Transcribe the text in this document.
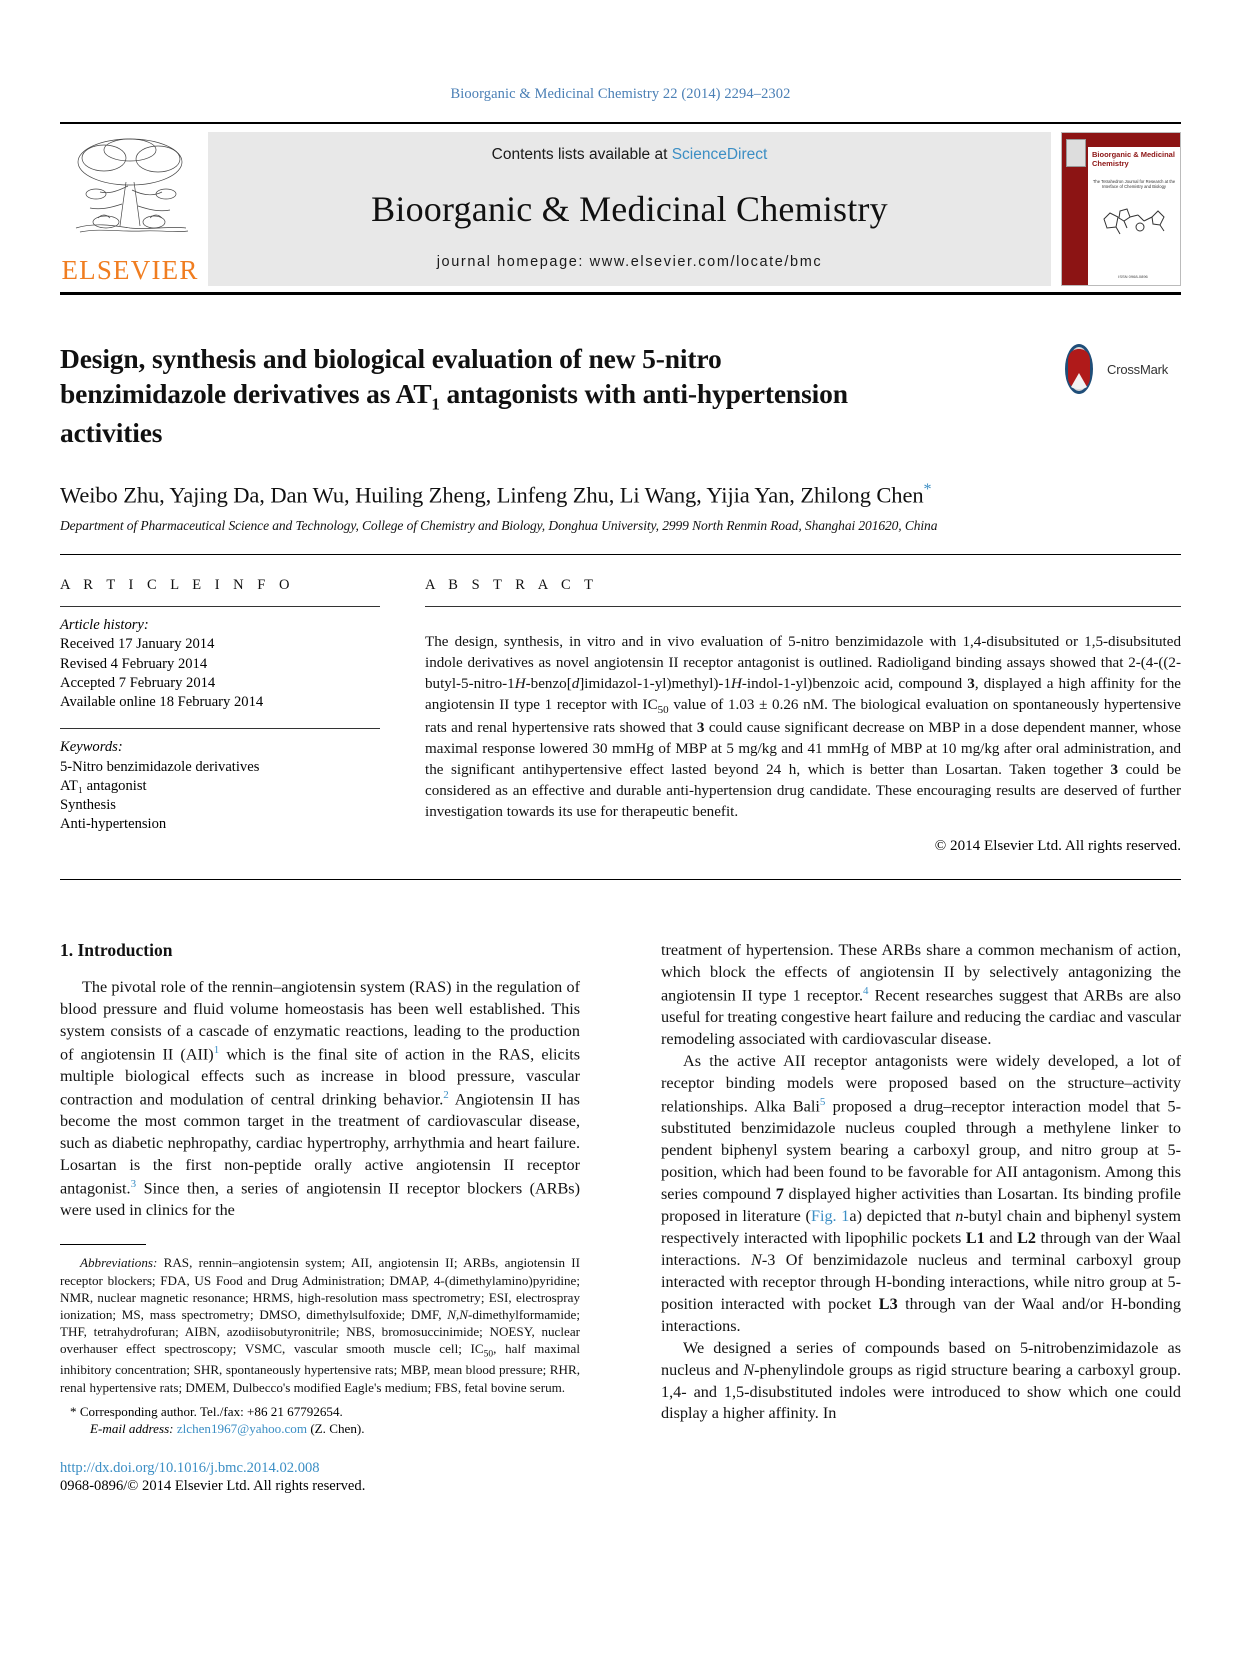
Bioorganic & Medicinal Chemistry 22 (2014) 2294–2302
ELSEVIER
Contents lists available at ScienceDirect
Bioorganic & Medicinal Chemistry
journal homepage: www.elsevier.com/locate/bmc
Bioorganic & Medicinal Chemistry
The Tetrahedron Journal for Research at the Interface of Chemistry and Biology
ISSN 0968-0896
CrossMark
Design, synthesis and biological evaluation of new 5-nitro
benzimidazole derivatives as $AT_1$ antagonists with anti-hypertension
activities
Weibo Zhu, Yajing Da, Dan Wu, Huiling Zheng, Linfeng Zhu, Li Wang, Yijia Yan, Zhilong Chen*
Department of Pharmaceutical Science and Technology, College of Chemistry and Biology, Donghua University, 2999 North Renmin Road, Shanghai 201620, China
A R T I C L E I N F O
Article history:
Received 17 January 2014
Revised 4 February 2014
Accepted 7 February 2014
Available online 18 February 2014
Keywords:
5-Nitro benzimidazole derivatives
AT₁ antagonist
Synthesis
Anti-hypertension
A B S T R A C T

The design, synthesis, in vitro and in vivo evaluation of 5-nitro benzimidazole with 1,4-disubsituted or 1,5-disubsituted indole derivatives as novel angiotensin II receptor antagonist is outlined. Radioligand binding assays showed that 2-(4-((2-butyl-5-nitro-1H-benzo[d]imidazol-1-yl)methyl)-1H-indol-1-yl)benzoic acid, compound 3, displayed a high affinity for the angiotensin II type 1 receptor with $IC_{50}$ value of 1.03 ± 0.26 nM. The biological evaluation on spontaneously hypertensive rats and renal hypertensive rats showed that 3 could cause significant decrease on MBP in a dose dependent manner, whose maximal response lowered 30 mmHg of MBP at 5 mg/kg and 41 mmHg of MBP at 10 mg/kg after oral administration, and the significant antihypertensive effect lasted beyond 24 h, which is better than Losartan. Taken together 3 could be considered as an effective and durable anti-hypertension drug candidate. These encouraging results are deserved of further investigation towards its use for therapeutic benefit.

© 2014 Elsevier Ltd. All rights reserved.
1. Introduction

The pivotal role of the rennin–angiotensin system (RAS) in the regulation of blood pressure and fluid volume homeostasis has been well established. This system consists of a cascade of enzymatic reactions, leading to the production of angiotensin II (AII)$^1$ which is the final site of action in the RAS, elicits multiple biological effects such as increase in blood pressure, vascular contraction and modulation of central drinking behavior.$^2$ Angiotensin II has become the most common target in the treatment of cardiovascular disease, such as diabetic nephropathy, cardiac hypertrophy, arrhythmia and heart failure. Losartan is the first non-peptide orally active angiotensin II receptor antagonist.$^3$ Since then, a series of angiotensin II receptor blockers (ARBs) were used in clinics for the

Abbreviations: RAS, rennin–angiotensin system; AII, angiotensin II; ARBs, angiotensin II receptor blockers; FDA, US Food and Drug Administration; DMAP, 4-(dimethylamino)pyridine; NMR, nuclear magnetic resonance; HRMS, high-resolution mass spectrometry; ESI, electrospray ionization; MS, mass spectrometry; DMSO, dimethylsulfoxide; DMF, N,N-dimethylformamide; THF, tetrahydrofuran; AIBN, azodiisobutyronitrile; NBS, bromosuccinimide; NOESY, nuclear overhauser effect spectroscopy; VSMC, vascular smooth muscle cell; $IC_{50}$, half maximal inhibitory concentration; SHR, spontaneously hypertensive rats; MBP, mean blood pressure; RHR, renal hypertensive rats; DMEM, Dulbecco's modified Eagle's medium; FBS, fetal bovine serum.

* Corresponding author. Tel./fax: +86 21 67792654.
E-mail address: zlchen1967@yahoo.com (Z. Chen).
http://dx.doi.org/10.1016/j.bmc.2014.02.008
0968-0896/© 2014 Elsevier Ltd. All rights reserved.

treatment of hypertension. These ARBs share a common mechanism of action, which block the effects of angiotensin II by selectively antagonizing the angiotensin II type 1 receptor.$^4$ Recent researches suggest that ARBs are also useful for treating congestive heart failure and reducing the cardiac and vascular remodeling associated with cardiovascular disease.

As the active AII receptor antagonists were widely developed, a lot of receptor binding models were proposed based on the structure–activity relationships. Alka Bali$^5$ proposed a drug–receptor interaction model that 5-substituted benzimidazole nucleus coupled through a methylene linker to pendent biphenyl system bearing a carboxyl group, and nitro group at 5-position, which had been found to be favorable for AII antagonism. Among this series compound 7 displayed higher activities than Losartan. Its binding profile proposed in literature (Fig. 1a) depicted that n-butyl chain and biphenyl system respectively interacted with lipophilic pockets L1 and L2 through van der Waal interactions. N-3 Of benzimidazole nucleus and terminal carboxyl group interacted with receptor through H-bonding interactions, while nitro group at 5-position interacted with pocket L3 through van der Waal and/or H-bonding interactions.

We designed a series of compounds based on 5-nitrobenzimidazole as nucleus and N-phenylindole groups as rigid structure bearing a carboxyl group. 1,4- and 1,5-disubstituted indoles were introduced to show which one could display a higher affinity. In
